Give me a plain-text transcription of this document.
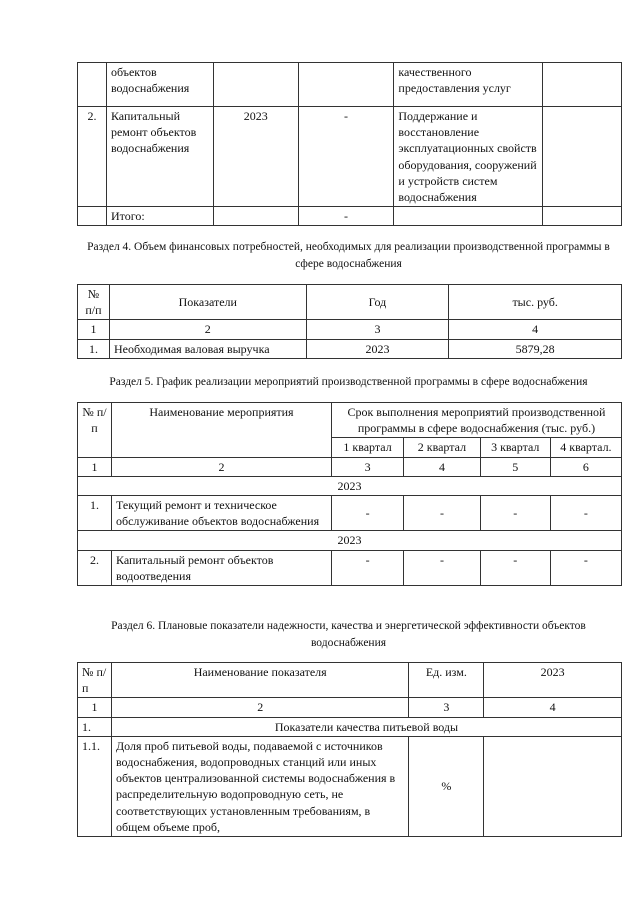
	объектов водоснабжения			качественного предоставления услуг	
2.	Капитальный ремонт объектов водоснабжения	2023	-	Поддержание и восстановление эксплуатационных свойств оборудования, сооружений и устройств систем водоснабжения	
	Итого:		-		
Раздел 4. Объем финансовых потребностей, необходимых для реализации производственной программы в сфере водоснабжения
№ п/п	Показатели	Год	тыс. руб.
1	2	3	4
1.	Необходимая валовая выручка	2023	5879,28
Раздел 5. График реализации мероприятий производственной программы в сфере водоснабжения
№ п/п	Наименование мероприятия	Срок выполнения мероприятий производственной программы в сфере водоснабжения (тыс. руб.)			
		1 квартал	2 квартал	3 квартал	4 квартал.
1	2	3	4	5	6
2023					
1.	Текущий ремонт и техническое обслуживание объектов водоснабжения	-	-	-	-
2023					
2.	Капитальный ремонт объектов водоотведения	-	-	-	-
Раздел 6. Плановые показатели надежности, качества и энергетической эффективности объектов водоснабжения
№ п/п	Наименование показателя	Ед. изм.	2023
1	2	3	4
1.	Показатели качества питьевой воды		
1.1.	Доля проб питьевой воды, подаваемой с источников водоснабжения, водопроводных станций или иных объектов централизованной системы водоснабжения в распределительную водопроводную сеть, не соответствующих установленным требованиям, в общем объеме проб,	%	
